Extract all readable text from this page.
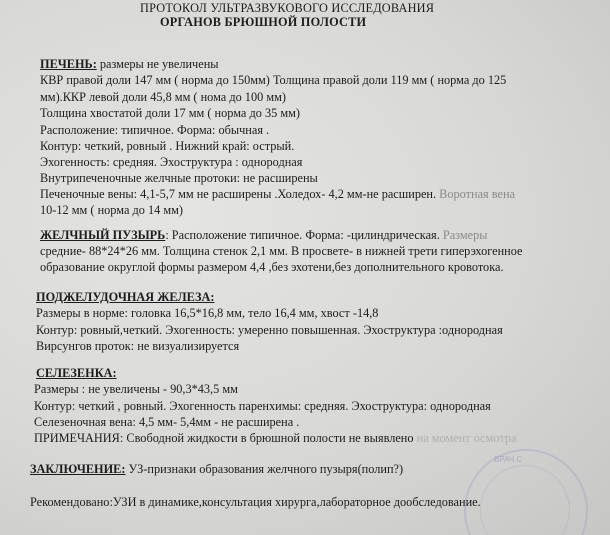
ПРОТОКОЛ УЛЬТРАЗВУКОВОГО ИССЛЕДОВАНИЯ
ОРГАНОВ БРЮШНОЙ ПОЛОСТИ
ПЕЧЕНЬ: размеры не увеличены
КВР правой доли 147 мм ( норма до 150мм) Толщина правой доли 119 мм ( норма до 125
мм).ККР левой доли 45,8 мм ( нома до 100 мм)
Толщина хвостатой доли 17 мм ( норма до 35 мм)
Расположение: типичное. Форма: обычная .
Контур: четкий, ровный . Нижний край: острый.
Эхогенность: средняя. Эхоструктура : однородная
Внутрипеченочные желчные протоки: не расширены
Печеночные вены: 4,1-5,7 мм не расширены .Холедох- 4,2 мм-не расширен. Воротная вена
10-12 мм ( норма до 14 мм)
ЖЕЛЧНЫЙ ПУЗЫРЬ: Расположение типичное. Форма: -цилиндрическая. Размеры
средние- 88*24*26 мм. Толщина стенок 2,1 мм. В просвете- в нижней трети гиперэхогенное
образование округлой формы размером 4,4 ,без эхотени,без дополнительного кровотока.
ПОДЖЕЛУДОЧНАЯ ЖЕЛЕЗА:
Размеры в норме: головка 16,5*16,8 мм, тело 16,4 мм, хвост -14,8
Контур: ровный,четкий. Эхогенность: умеренно повышенная. Эхоструктура :однородная
Вирсунгов проток: не визуализируется
СЕЛЕЗЕНКА:
Размеры : не увеличены - 90,3*43,5 мм
Контур: четкий , ровный. Эхогенность паренхимы: средняя. Эхоструктура: однородная
Селезеночная вена: 4,5 мм- 5,4мм - не расширена .
ПРИМЕЧАНИЯ: Свободной жидкости в брюшной полости не выявлено на момент осмотра
ЗАКЛЮЧЕНИЕ: УЗ-признаки образования желчного пузыря(полип?)
Рекомендовано:УЗИ в динамике,консультация хирурга,лабораторное дообследование.
ВРАЧ С
